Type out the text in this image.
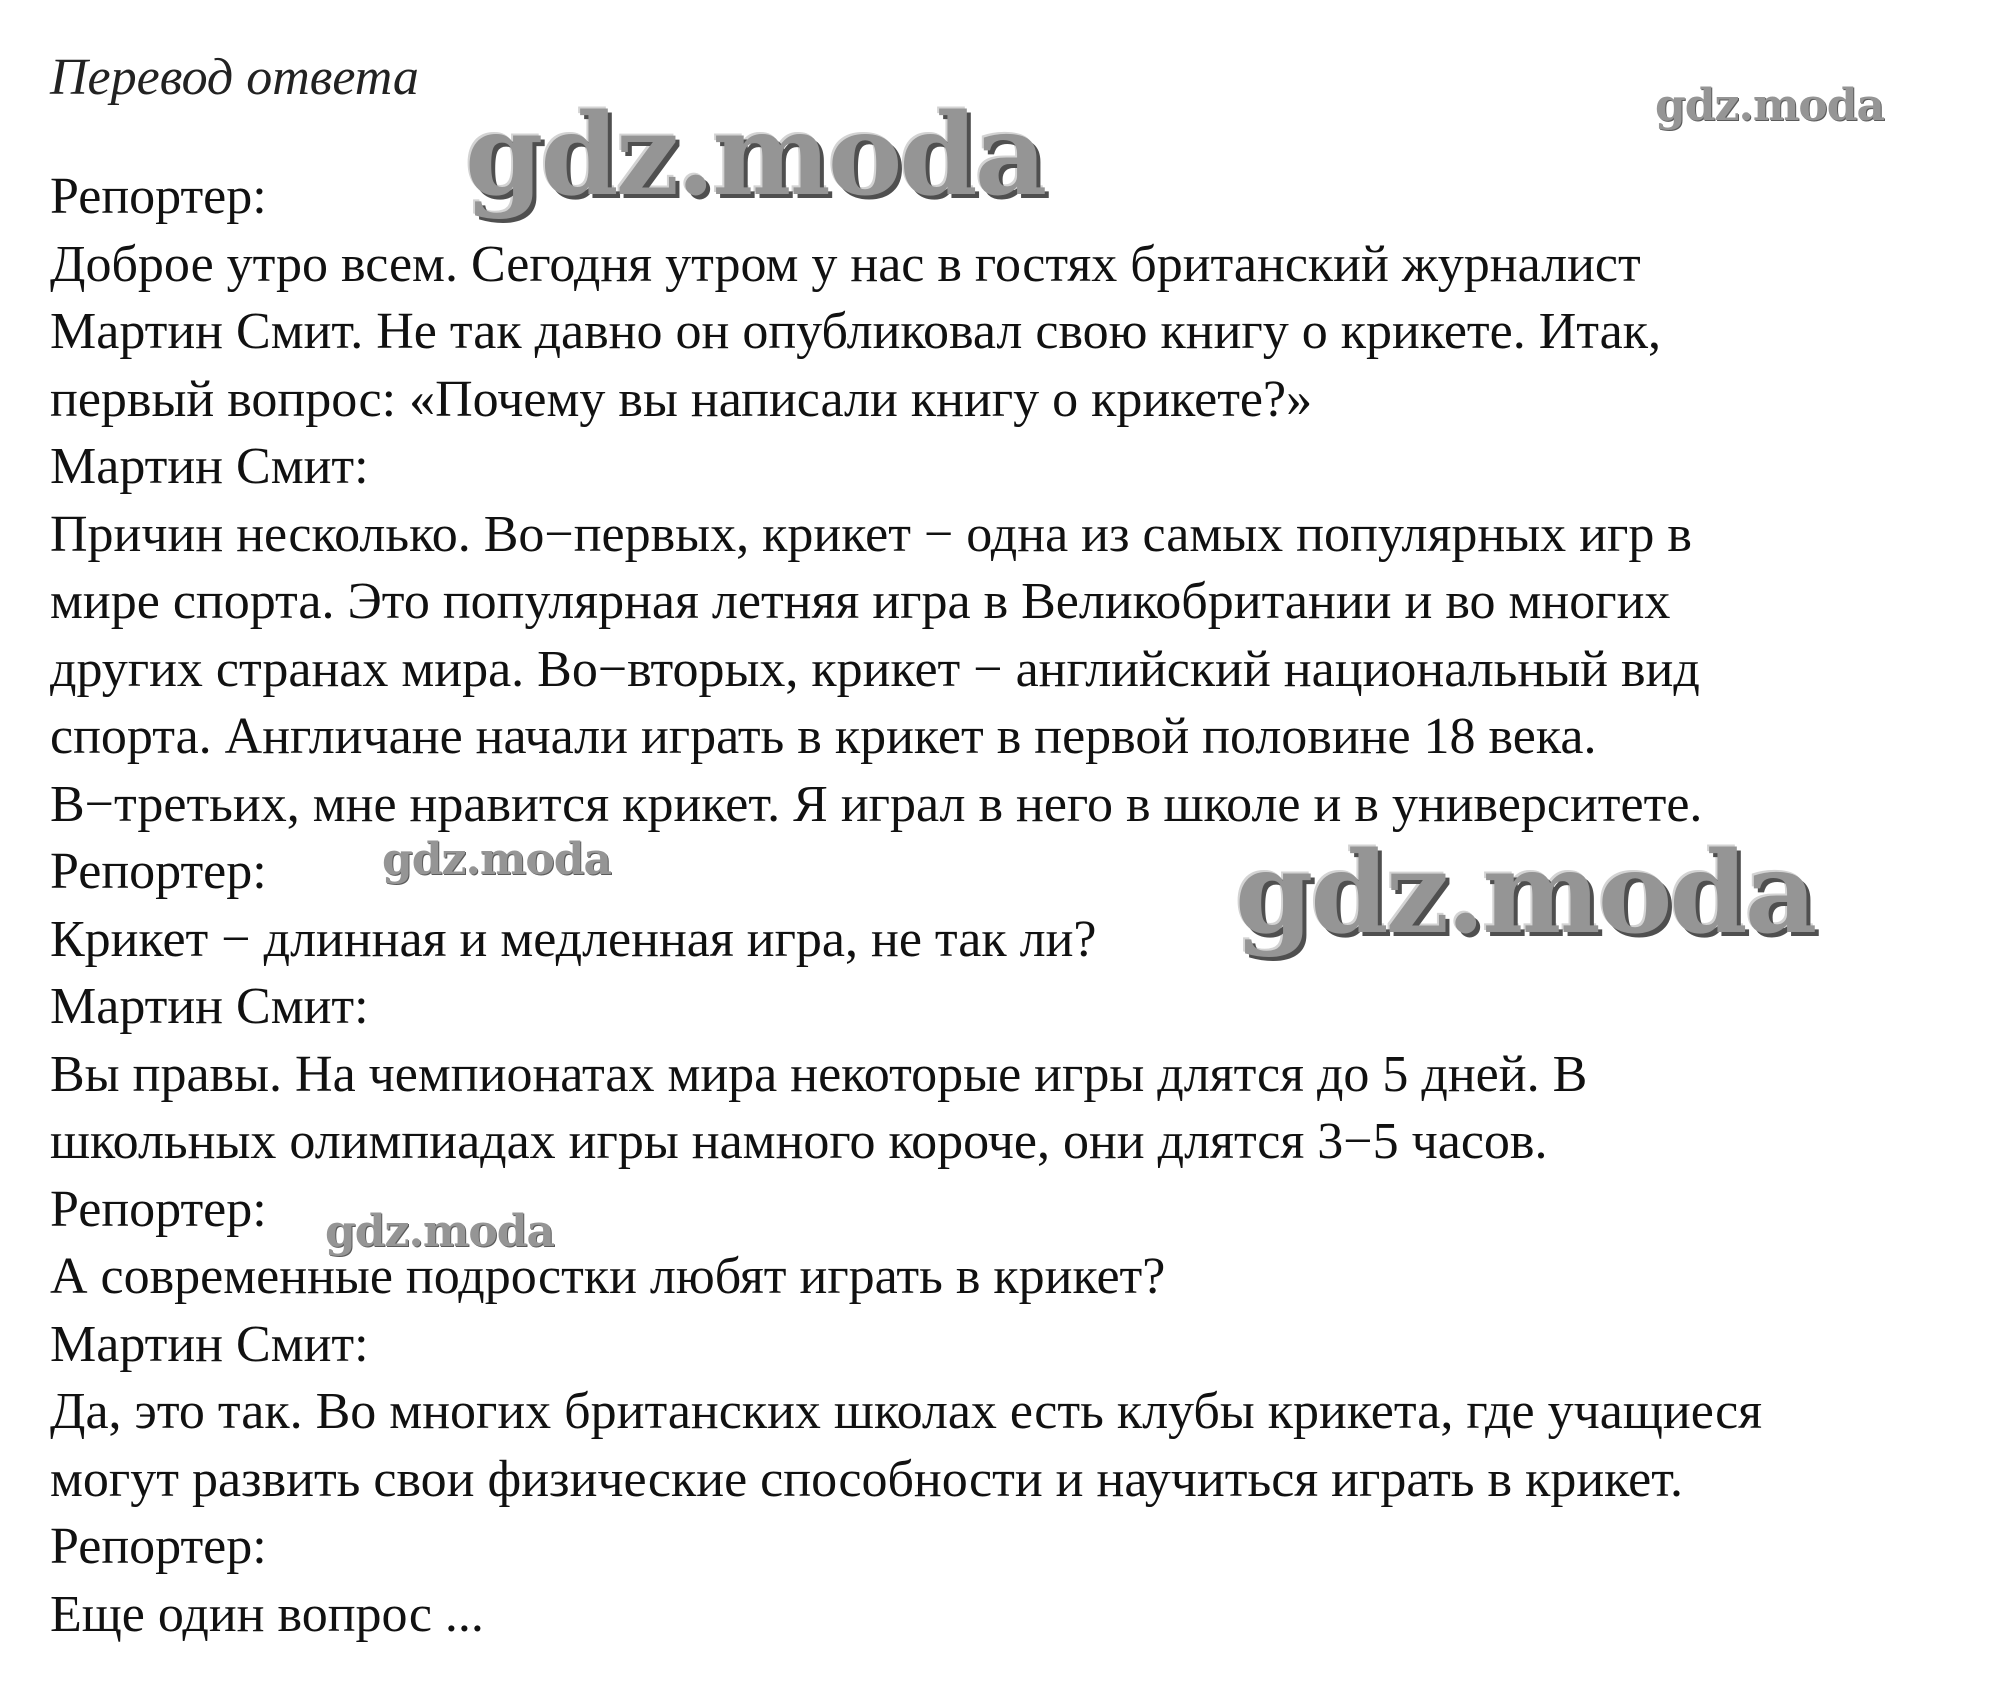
Перевод ответа
Репортер:
Доброе утро всем. Сегодня утром у нас в гостях британский журналист
Мартин Смит. Не так давно он опубликовал свою книгу о крикете. Итак,
первый вопрос: «Почему вы написали книгу о крикете?»
Мартин Смит:
Причин несколько. Во−первых, крикет − одна из самых популярных игр в
мире спорта. Это популярная летняя игра в Великобритании и во многих
других странах мира. Во−вторых, крикет − английский национальный вид
спорта. Англичане начали играть в крикет в первой половине 18 века.
В−третьих, мне нравится крикет. Я играл в него в школе и в университете.
Репортер:
Крикет − длинная и медленная игра, не так ли?
Мартин Смит:
Вы правы. На чемпионатах мира некоторые игры длятся до 5 дней. В
школьных олимпиадах игры намного короче, они длятся 3−5 часов.
Репортер:
А современные подростки любят играть в крикет?
Мартин Смит:
Да, это так. Во многих британских школах есть клубы крикета, где учащиеся
могут развить свои физические способности и научиться играть в крикет.
Репортер:
Еще один вопрос ...
gdz.moda	gdz.moda
gdz.moda	gdz.moda
gdz.moda
